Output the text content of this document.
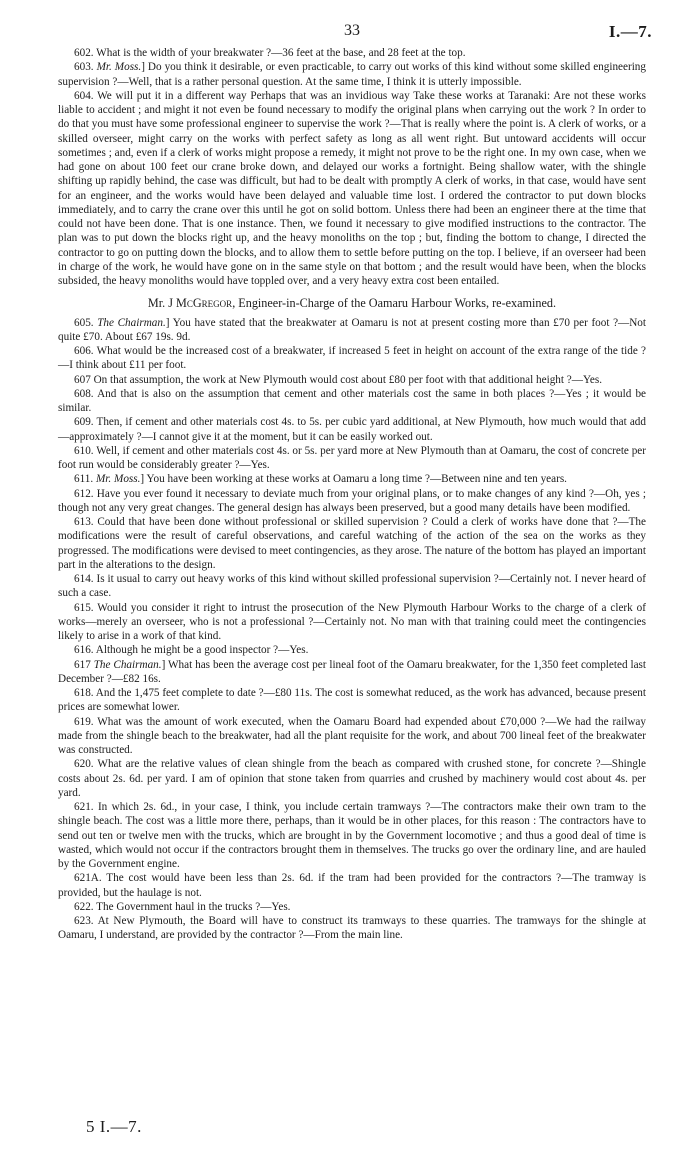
33	I.—7.

602. What is the width of your breakwater ?—36 feet at the base, and 28 feet at the top.

603. Mr. Moss.] Do you think it desirable, or even practicable, to carry out works of this kind without some skilled engineering supervision ?—Well, that is a rather personal question. At the same time, I think it is utterly impossible.

604. We will put it in a different way Perhaps that was an invidious way Take these works at Taranaki: Are not these works liable to accident ; and might it not even be found necessary to modify the original plans when carrying out the work ? In order to do that you must have some professional engineer to supervise the work ?—That is really where the point is. A clerk of works, or a skilled overseer, might carry on the works with perfect safety as long as all went right. But untoward accidents will occur sometimes ; and, even if a clerk of works might propose a remedy, it might not prove to be the right one. In my own case, when we had gone on about 100 feet our crane broke down, and delayed our works a fortnight. Being shallow water, with the shingle shifting up rapidly behind, the case was difficult, but had to be dealt with promptly A clerk of works, in that case, would have sent for an engineer, and the works would have been delayed and valuable time lost. I ordered the contractor to put down blocks immediately, and to carry the crane over this until he got on solid bottom. Unless there had been an engineer there at the time that could not have been done. That is one instance. Then, we found it necessary to give modified instructions to the contractor. The plan was to put down the blocks right up, and the heavy monoliths on the top ; but, finding the bottom to change, I directed the contractor to go on putting down the blocks, and to allow them to settle before putting on the top. I believe, if an overseer had been in charge of the work, he would have gone on in the same style on that bottom ; and the result would have been, when the blocks subsided, the heavy monoliths would have toppled over, and a very heavy extra cost been entailed.

Mr. J McGregor, Engineer-in-Charge of the Oamaru Harbour Works, re-examined.

605. The Chairman.] You have stated that the breakwater at Oamaru is not at present costing more than £70 per foot ?—Not quite £70. About £67 19s. 9d.

606. What would be the increased cost of a breakwater, if increased 5 feet in height on account of the extra range of the tide ?—I think about £11 per foot.

607 On that assumption, the work at New Plymouth would cost about £80 per foot with that additional height ?—Yes.

608. And that is also on the assumption that cement and other materials cost the same in both places ?—Yes ; it would be similar.

609. Then, if cement and other materials cost 4s. to 5s. per cubic yard additional, at New Plymouth, how much would that add—approximately ?—I cannot give it at the moment, but it can be easily worked out.

610. Well, if cement and other materials cost 4s. or 5s. per yard more at New Plymouth than at Oamaru, the cost of concrete per foot run would be considerably greater ?—Yes.

611. Mr. Moss.] You have been working at these works at Oamaru a long time ?—Between nine and ten years.

612. Have you ever found it necessary to deviate much from your original plans, or to make changes of any kind ?—Oh, yes ; though not any very great changes. The general design has always been preserved, but a good many details have been modified.

613. Could that have been done without professional or skilled supervision ? Could a clerk of works have done that ?—The modifications were the result of careful observations, and careful watching of the action of the sea on the works as they progressed. The modifications were devised to meet contingencies, as they arose. The nature of the bottom has played an important part in the alterations to the design.

614. Is it usual to carry out heavy works of this kind without skilled professional supervision ?—Certainly not. I never heard of such a case.

615. Would you consider it right to intrust the prosecution of the New Plymouth Harbour Works to the charge of a clerk of works—merely an overseer, who is not a professional ?—Certainly not. No man with that training could meet the contingencies likely to arise in a work of that kind.

616. Although he might be a good inspector ?—Yes.

617 The Chairman.] What has been the average cost per lineal foot of the Oamaru breakwater, for the 1,350 feet completed last December ?—£82 16s.

618. And the 1,475 feet complete to date ?—£80 11s. The cost is somewhat reduced, as the work has advanced, because present prices are somewhat lower.

619. What was the amount of work executed, when the Oamaru Board had expended about £70,000 ?—We had the railway made from the shingle beach to the breakwater, had all the plant requisite for the work, and about 700 lineal feet of the breakwater was constructed.

620. What are the relative values of clean shingle from the beach as compared with crushed stone, for concrete ?—Shingle costs about 2s. 6d. per yard. I am of opinion that stone taken from quarries and crushed by machinery would cost about 4s. per yard.

621. In which 2s. 6d., in your case, I think, you include certain tramways ?—The contractors make their own tram to the shingle beach. The cost was a little more there, perhaps, than it would be in other places, for this reason : The contractors have to send out ten or twelve men with the trucks, which are brought in by the Government locomotive ; and thus a good deal of time is wasted, which would not occur if the contractors brought them in themselves. The trucks go over the ordinary line, and are hauled by the Government engine.

621A. The cost would have been less than 2s. 6d. if the tram had been provided for the contractors ?—The tramway is provided, but the haulage is not.

622. The Government haul in the trucks ?—Yes.

623. At New Plymouth, the Board will have to construct its tramways to these quarries. The tramways for the shingle at Oamaru, I understand, are provided by the contractor ?—From the main line.

5 I.—7.
